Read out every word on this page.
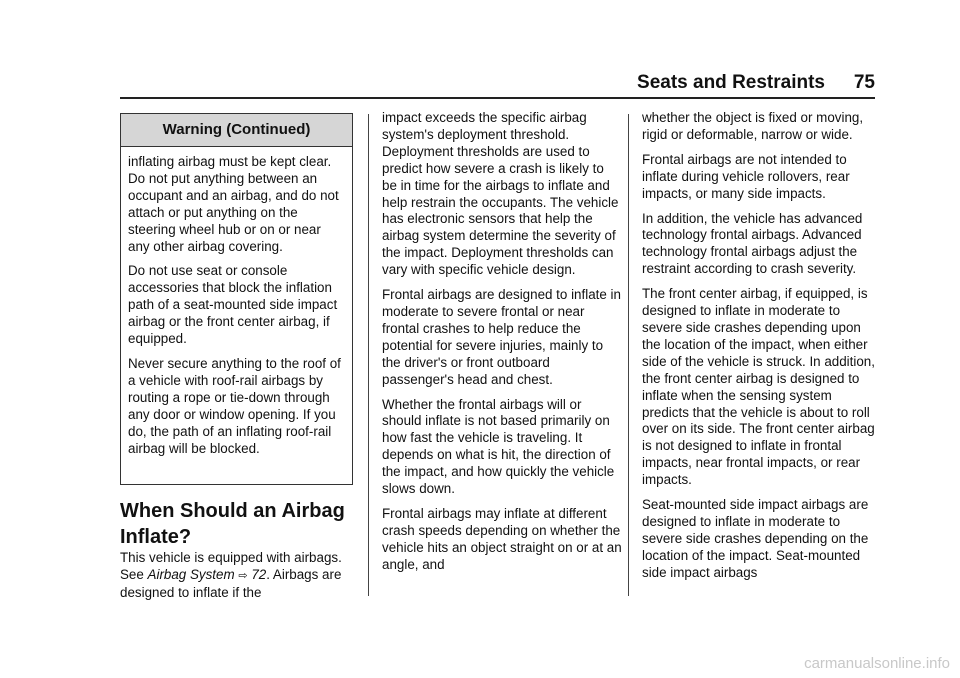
Seats and Restraints 75
Warning (Continued)

inflating airbag must be kept clear. Do not put anything between an occupant and an airbag, and do not attach or put anything on the steering wheel hub or on or near any other airbag covering.

Do not use seat or console accessories that block the inflation path of a seat-mounted side impact airbag or the front center airbag, if equipped.

Never secure anything to the roof of a vehicle with roof-rail airbags by routing a rope or tie-down through any door or window opening. If you do, the path of an inflating roof-rail airbag will be blocked.

When Should an Airbag Inflate?

This vehicle is equipped with airbags. See Airbag System ⇨ 72. Airbags are designed to inflate if the

impact exceeds the specific airbag system's deployment threshold. Deployment thresholds are used to predict how severe a crash is likely to be in time for the airbags to inflate and help restrain the occupants. The vehicle has electronic sensors that help the airbag system determine the severity of the impact. Deployment thresholds can vary with specific vehicle design.

Frontal airbags are designed to inflate in moderate to severe frontal or near frontal crashes to help reduce the potential for severe injuries, mainly to the driver's or front outboard passenger's head and chest.

Whether the frontal airbags will or should inflate is not based primarily on how fast the vehicle is traveling. It depends on what is hit, the direction of the impact, and how quickly the vehicle slows down.

Frontal airbags may inflate at different crash speeds depending on whether the vehicle hits an object straight on or at an angle, and

whether the object is fixed or moving, rigid or deformable, narrow or wide.

Frontal airbags are not intended to inflate during vehicle rollovers, rear impacts, or many side impacts.

In addition, the vehicle has advanced technology frontal airbags. Advanced technology frontal airbags adjust the restraint according to crash severity.

The front center airbag, if equipped, is designed to inflate in moderate to severe side crashes depending upon the location of the impact, when either side of the vehicle is struck. In addition, the front center airbag is designed to inflate when the sensing system predicts that the vehicle is about to roll over on its side. The front center airbag is not designed to inflate in frontal impacts, near frontal impacts, or rear impacts.

Seat-mounted side impact airbags are designed to inflate in moderate to severe side crashes depending on the location of the impact. Seat-mounted side impact airbags

carmanualsonline.info
